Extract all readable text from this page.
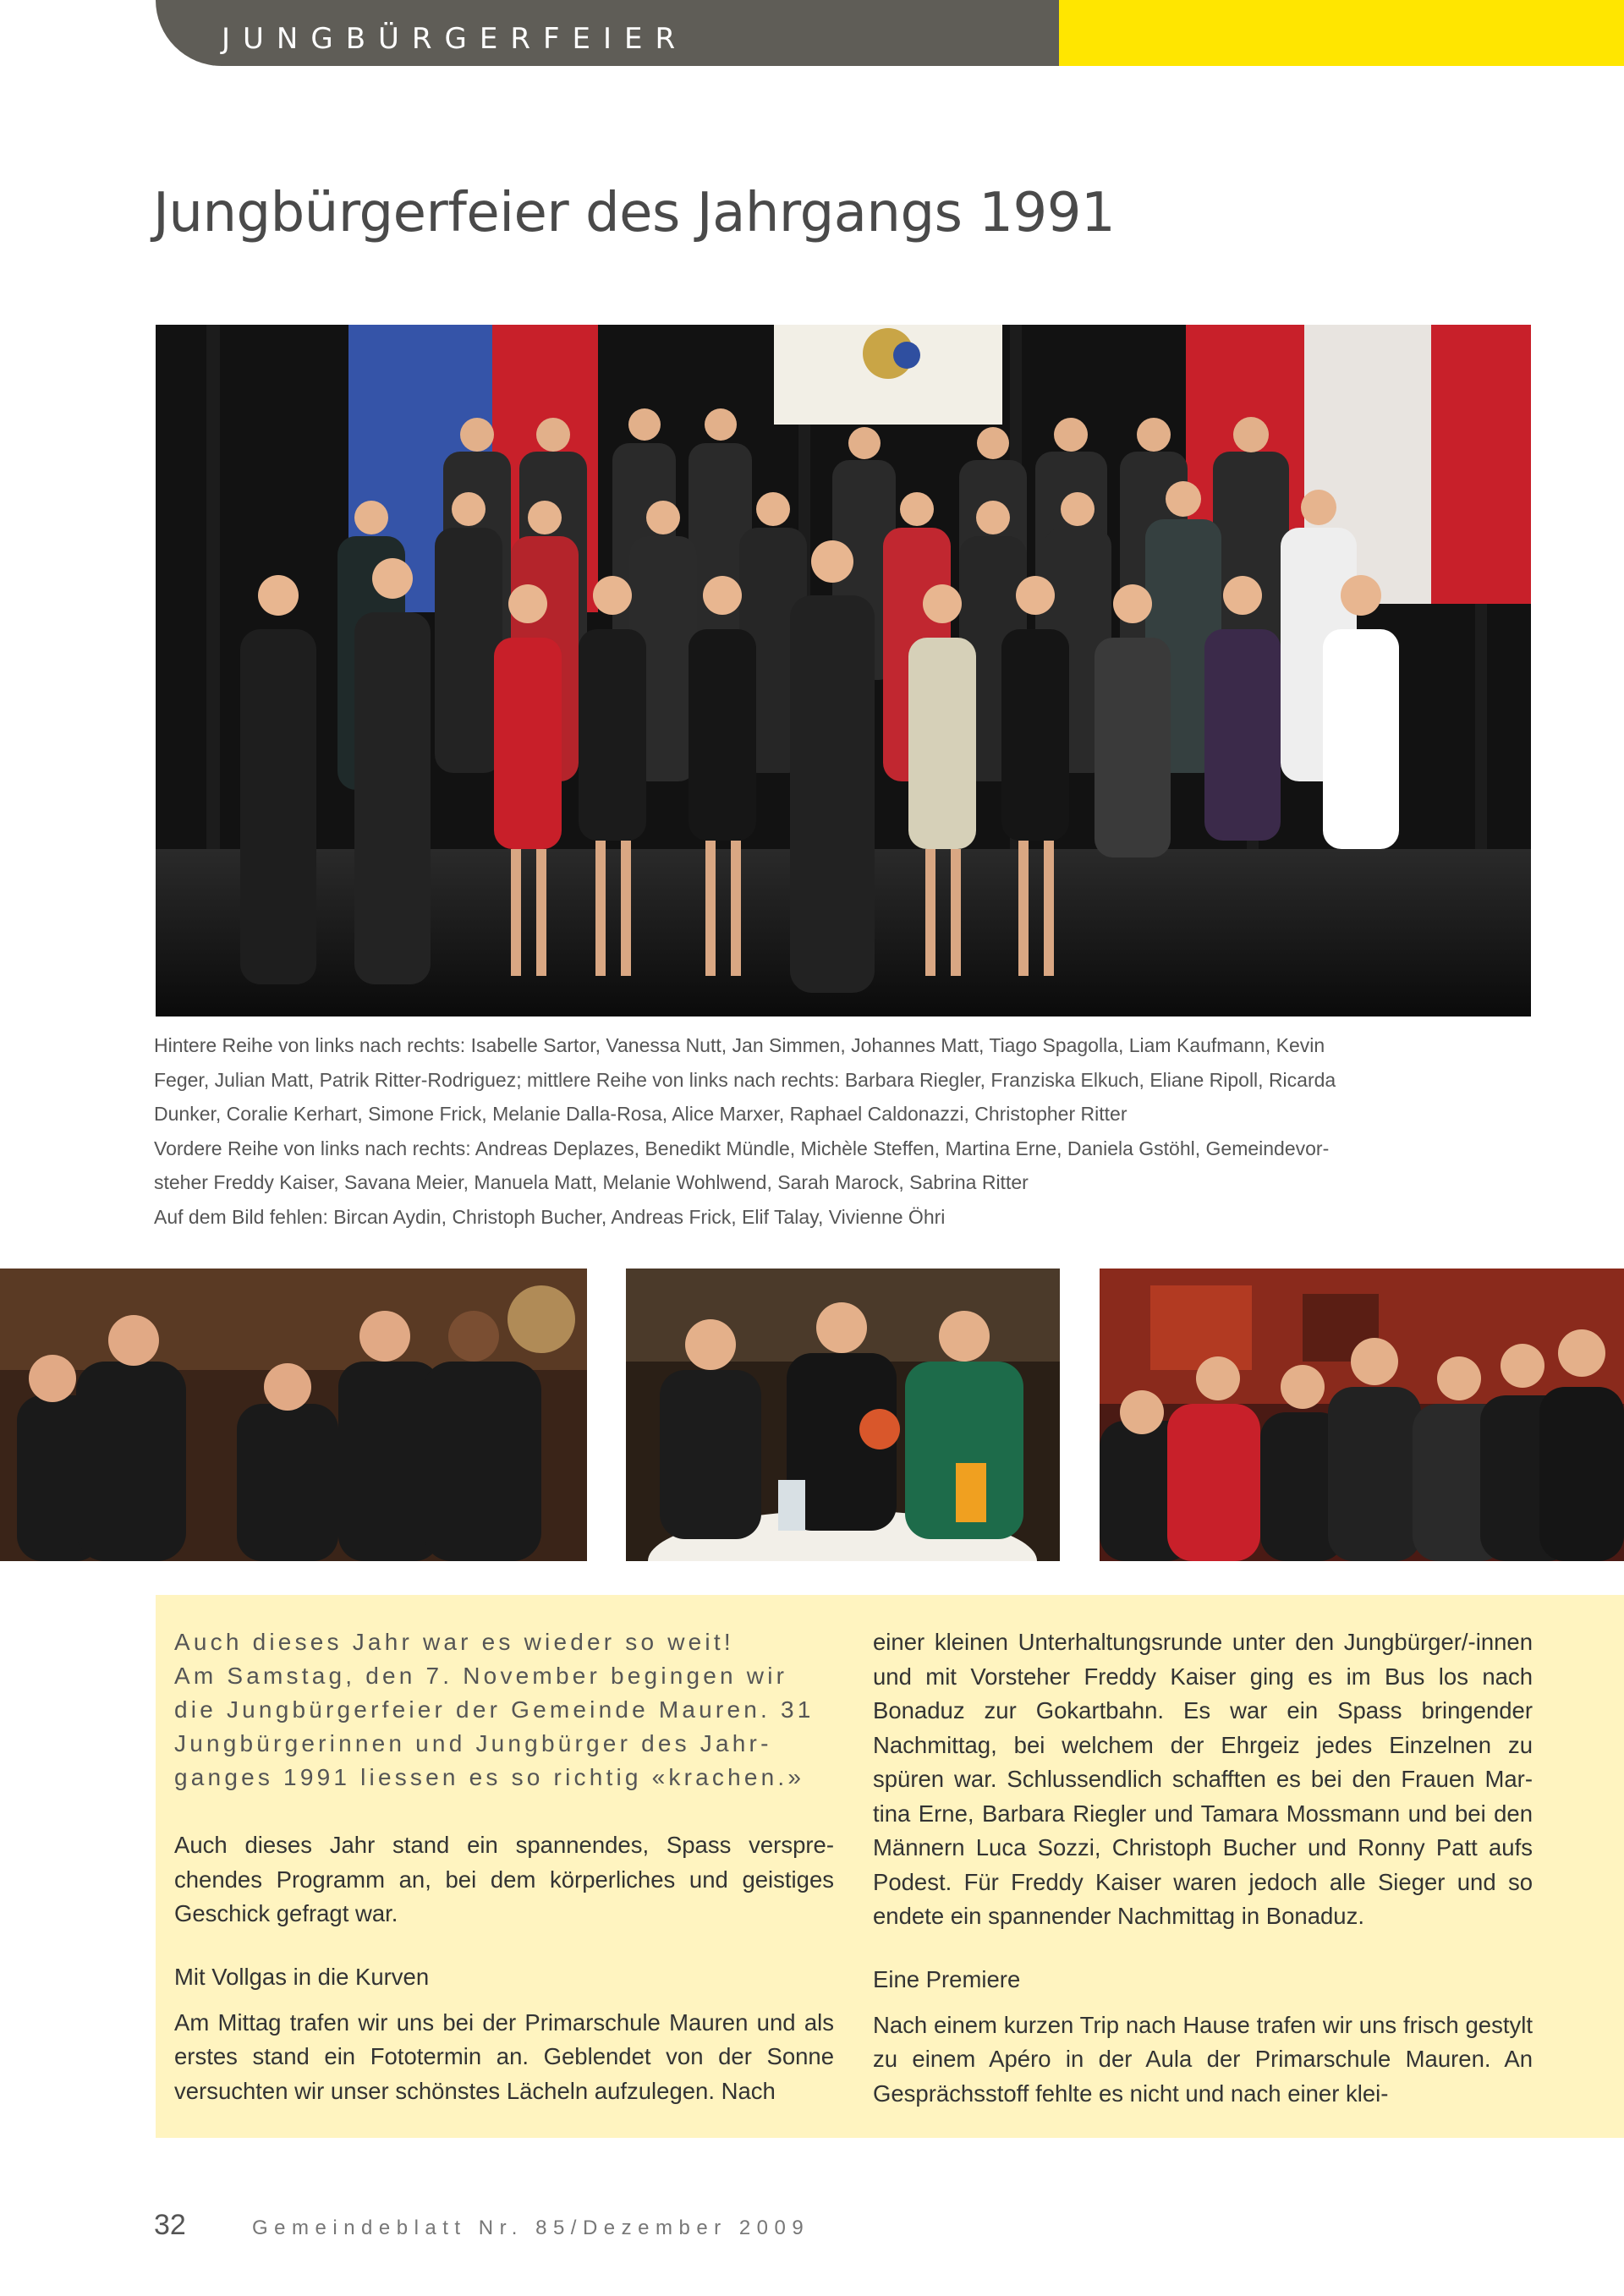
JUNGBÜRGERFEIER
Jungbürgerfeier des Jahrgangs 1991

Hintere Reihe von links nach rechts: Isabelle Sartor, Vanessa Nutt, Jan Simmen, Johannes Matt, Tiago Spagolla, Liam Kaufmann, Kevin

Feger, Julian Matt, Patrik Ritter-Rodriguez; mittlere Reihe von links nach rechts: Barbara Riegler, Franziska Elkuch, Eliane Ripoll, Ricarda

Dunker, Coralie Kerhart, Simone Frick, Melanie Dalla-Rosa, Alice Marxer, Raphael Caldonazzi, Christopher Ritter

Vordere Reihe von links nach rechts: Andreas Deplazes, Benedikt Mündle, Michèle Steffen, Martina Erne, Daniela Gstöhl, Gemeindevor-

steher Freddy Kaiser, Savana Meier, Manuela Matt, Melanie Wohlwend, Sarah Marock, Sabrina Ritter

Auf dem Bild fehlen: Bircan Aydin, Christoph Bucher, Andreas Frick, Elif Talay, Vivienne Öhri

Auch dieses Jahr war es wieder so weit!
Am Samstag, den 7. November begingen wir
die Jungbürgerfeier der Gemeinde Mauren. 31
Jungbürgerinnen und Jungbürger des Jahr-
ganges 1991 liessen es so richtig «krachen.»

Auch dieses Jahr stand ein spannendes, Spass versprechendes Programm an, bei dem körperliches und geistiges Geschick gefragt war.

Mit Vollgas in die Kurven

Am Mittag trafen wir uns bei der Primarschule Mauren und als erstes stand ein Fototermin an. Geblendet von der Sonne versuchten wir unser schönstes Lächeln aufzulegen. Nach

einer kleinen Unterhaltungsrunde unter den Jungbürger/-innen und mit Vorsteher Freddy Kaiser ging es im Bus los nach Bonaduz zur Gokartbahn. Es war ein Spass bringender Nachmittag, bei welchem der Ehrgeiz jedes Einzelnen zu spüren war. Schlussendlich schafften es bei den Frauen Martina Erne, Barbara Riegler und Tamara Mossmann und bei den Männern Luca Sozzi, Christoph Bucher und Ronny Patt aufs Podest. Für Freddy Kaiser waren jedoch alle Sieger und so endete ein spannender Nachmittag in Bonaduz.

Eine Premiere

Nach einem kurzen Trip nach Hause trafen wir uns frisch gestylt zu einem Apéro in der Aula der Primarschule Mauren. An Gesprächsstoff fehlte es nicht und nach einer klei-

32	Gemeindeblatt Nr. 85/Dezember 2009
